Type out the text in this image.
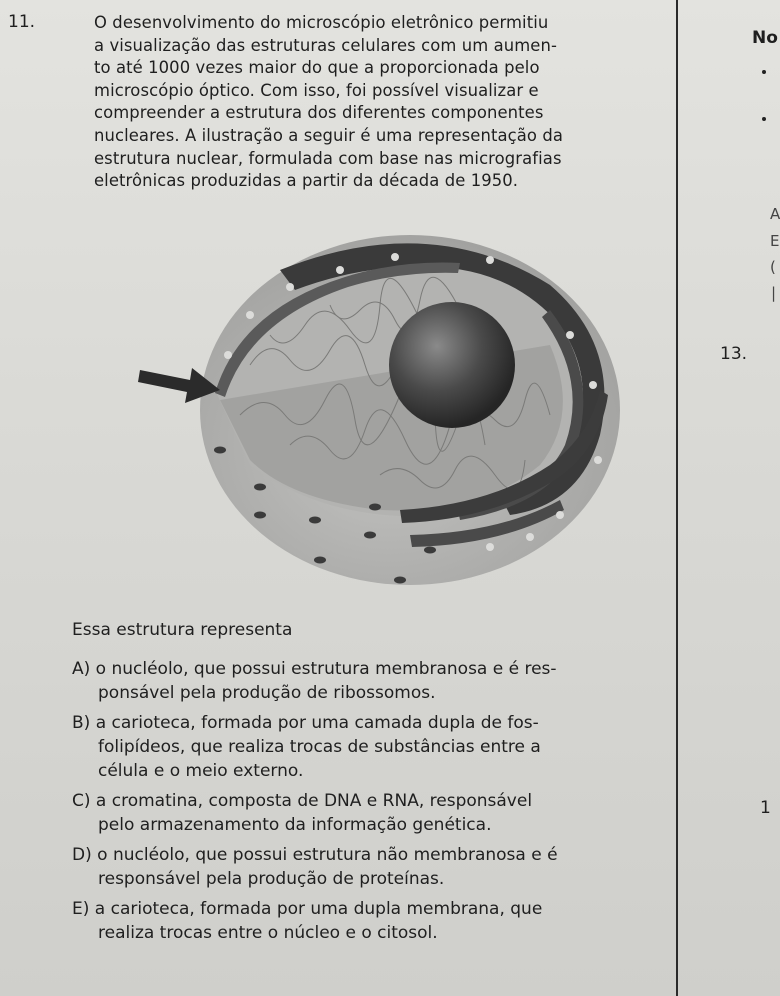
11.	O desenvolvimento do microscópio eletrônico permitiu
a visualização das estruturas celulares com um aumen-
to até 1000 vezes maior do que a proporcionada pelo
microscópio óptico. Com isso, foi possível visualizar e
compreender a estrutura dos diferentes componentes
nucleares. A ilustração a seguir é uma representação da
estrutura nuclear, formulada com base nas micrografias
eletrônicas produzidas a partir da década de 1950.
No
A
E
(
|
13.
1
Essa estrutura representa
A) o nucléolo, que possui estrutura membranosa e é res-
ponsável pela produção de ribossomos.
B) a carioteca, formada por uma camada dupla de fos-
folipídeos, que realiza trocas de substâncias entre a
célula e o meio externo.
C) a cromatina, composta de DNA e RNA, responsável
pelo armazenamento da informação genética.
D) o nucléolo, que possui estrutura não membranosa e é
responsável pela produção de proteínas.
E) a carioteca, formada por uma dupla membrana, que
realiza trocas entre o núcleo e o citosol.
